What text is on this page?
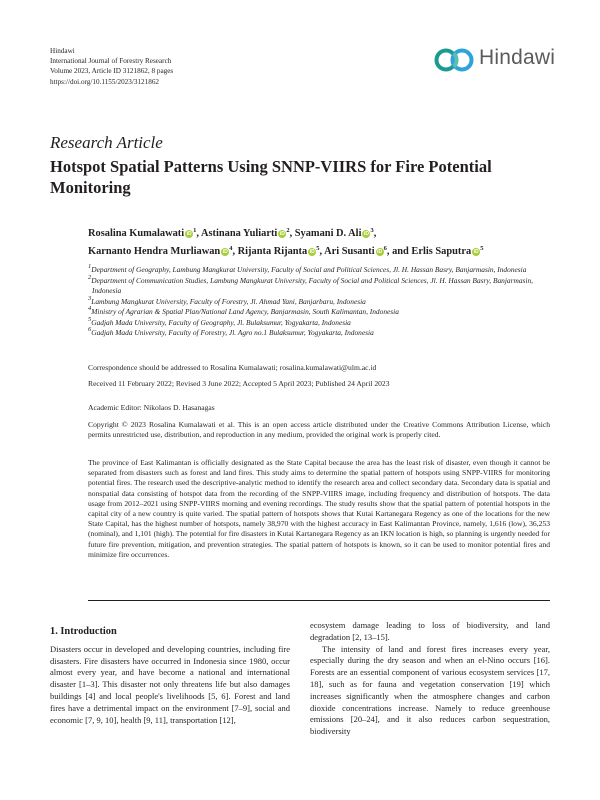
Hindawi
International Journal of Forestry Research
Volume 2023, Article ID 3121862, 8 pages
https://doi.org/10.1155/2023/3121862
Hindawi
Research Article
Hotspot Spatial Patterns Using SNNP-VIIRS for Fire Potential Monitoring
Rosalina Kumalawati iD $^1$, Astinana Yuliarti iD $^2$, Syamani D. Ali iD $^3$,
Karnanto Hendra Murliawan iD $^4$, Rijanta Rijanta iD $^5$, Ari Susanti iD $^6$, and Erlis Saputra iD $^5$
$^1$Department of Geography, Lambung Mangkurat University, Faculty of Social and Political Sciences, Jl. H. Hassan Basry, Banjarmasin, Indonesia
$^2$Department of Communication Studies, Lambung Mangkurat University, Faculty of Social and Political Sciences, Jl. H. Hassan Basry, Banjarmasin, Indonesia
$^3$Lambung Mangkurat University, Faculty of Forestry, Jl. Ahmad Yani, Banjarbaru, Indonesia
$^4$Ministry of Agrarian & Spatial Plan/National Land Agency, Banjarmasin, South Kalimantan, Indonesia
$^5$Gadjah Mada University, Faculty of Geography, Jl. Bulaksumur, Yogyakarta, Indonesia
$^6$Gadjah Mada University, Faculty of Forestry, Jl. Agro no.1 Bulaksumur, Yogyakarta, Indonesia
Correspondence should be addressed to Rosalina Kumalawati; rosalina.kumalawati@ulm.ac.id
Received 11 February 2022; Revised 3 June 2022; Accepted 5 April 2023; Published 24 April 2023
Academic Editor: Nikolaos D. Hasanagas
Copyright © 2023 Rosalina Kumalawati et al. This is an open access article distributed under the Creative Commons Attribution License, which permits unrestricted use, distribution, and reproduction in any medium, provided the original work is properly cited.
The province of East Kalimantan is officially designated as the State Capital because the area has the least risk of disaster, even though it cannot be separated from disasters such as forest and land fires. This study aims to determine the spatial pattern of hotspots using SNPP-VIIRS for monitoring potential fires. The research used the descriptive-analytic method to identify the research area and collect secondary data. Secondary data is spatial and nonspatial data consisting of hotspot data from the recording of the SNPP-VIIRS image, including frequency and distribution of hotspots. The data usage from 2012–2021 using SNPP-VIIRS morning and evening recordings. The study results show that the spatial pattern of potential hotspots in the capital city of a new country is quite varied. The spatial pattern of hotspots shows that Kutai Kartanegara Regency as one of the locations for the new State Capital, has the highest number of hotspots, namely 38,970 with the highest accuracy in East Kalimantan Province, namely, 1,616 (low), 36,253 (nominal), and 1,101 (high). The potential for fire disasters in Kutai Kartanegara Regency as an IKN location is high, so planning is urgently needed for future fire prevention, mitigation, and prevention strategies. The spatial pattern of hotspots is known, so it can be used to monitor potential fires and minimize fire occurrences.
1. Introduction

Disasters occur in developed and developing countries, including fire disasters. Fire disasters have occurred in Indonesia since 1980, occur almost every year, and have become a national and international disaster [1–3]. This disaster not only threatens life but also damages buildings [4] and local people's livelihoods [5, 6]. Forest and land fires have a detrimental impact on the environment [7–9], social and economic [7, 9, 10], health [9, 11], transportation [12],

ecosystem damage leading to loss of biodiversity, and land degradation [2, 13–15].

The intensity of land and forest fires increases every year, especially during the dry season and when an el-Nino occurs [16]. Forests are an essential component of various ecosystem services [17, 18], such as for fauna and vegetation conservation [19] which increases significantly when the atmosphere changes and carbon dioxide concentrations increase. Namely to reduce greenhouse emissions [20–24], and it also reduces carbon sequestration, biodiversity
